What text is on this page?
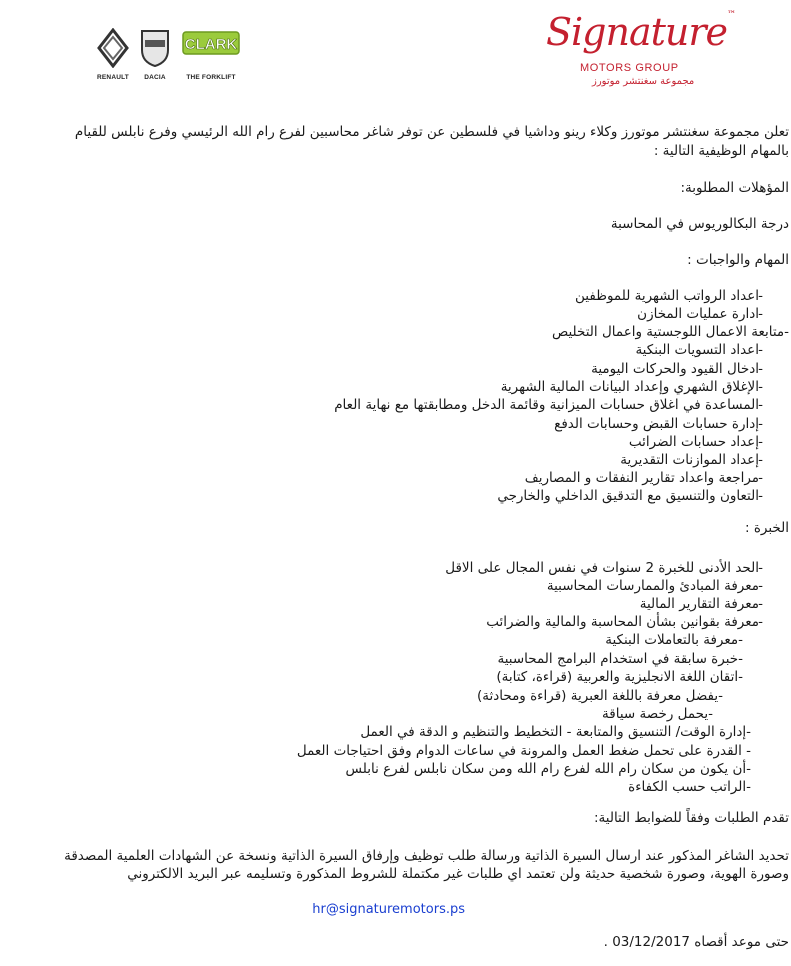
RENAULT	DACIA
CLARK
THE FORKLIFT
Signature™
MOTORS GROUP
مجموعة سغنتشر موتورز
تعلن مجموعة سغنتشر موتورز وكلاء رينو وداشيا في فلسطين عن توفر شاغر محاسبين لفرع رام الله الرئيسي وفرع نابلس للقيام
بالمهام الوظيفية التالية :
المؤهلات المطلوبة:
درجة البكالوريوس في المحاسبة
المهام والواجبات :
-
اعداد الرواتب الشهرية للموظفين
-
ادارة عمليات المخازن
-متابعة الاعمال اللوجستية واعمال التخليص
-
اعداد التسويات البنكية
-
ادخال القيود والحركات اليومية
-
الإغلاق الشهري وإعداد البيانات المالية الشهرية
-
المساعدة في اغلاق حسابات الميزانية وقائمة الدخل ومطابقتها مع نهاية العام
-
إدارة حسابات القبض وحسابات الدفع
-
إعداد حسابات الضرائب
-
إعداد الموازنات التقديرية
-
مراجعة واعداد تقارير النفقات و المصاريف
-
التعاون والتنسيق مع التدقيق الداخلي والخارجي
الخبرة :
-
الحد الأدنى للخبرة 2 سنوات في نفس المجال على الاقل
-
معرفة المبادئ والممارسات المحاسبية
-
معرفة التقارير المالية
-
معرفة بقوانين بشأن المحاسبة والمالية والضرائب
-معرفة بالتعاملات البنكية
-خبرة سابقة في استخدام البرامج المحاسبية
-اتقان اللغة الانجليزية والعربية (قراءة، كتابة)
-يفضل معرفة باللغة العبرية (قراءة ومحادثة)
-يحمل رخصة سياقة
-إدارة الوقت/ التنسيق والمتابعة - التخطيط والتنظيم و الدقة في العمل
- القدرة على تحمل ضغط العمل والمرونة في ساعات الدوام وفق احتياجات العمل
-أن يكون من سكان رام الله لفرع رام الله ومن سكان نابلس لفرع نابلس
-الراتب حسب الكفاءة
تقدم الطلبات وفقاً للضوابط التالية:
تحديد الشاغر المذكور عند ارسال السيرة الذاتية ورسالة طلب توظيف وإرفاق السيرة الذاتية ونسخة عن الشهادات العلمية المصدقة
وصورة الهوية، وصورة شخصية حديثة ولن تعتمد اي طلبات غير مكتملة للشروط المذكورة وتسليمه عبر البريد الالكتروني
حتى موعد أقصاه 03/12/2017 .
hr@signaturemotors.ps
